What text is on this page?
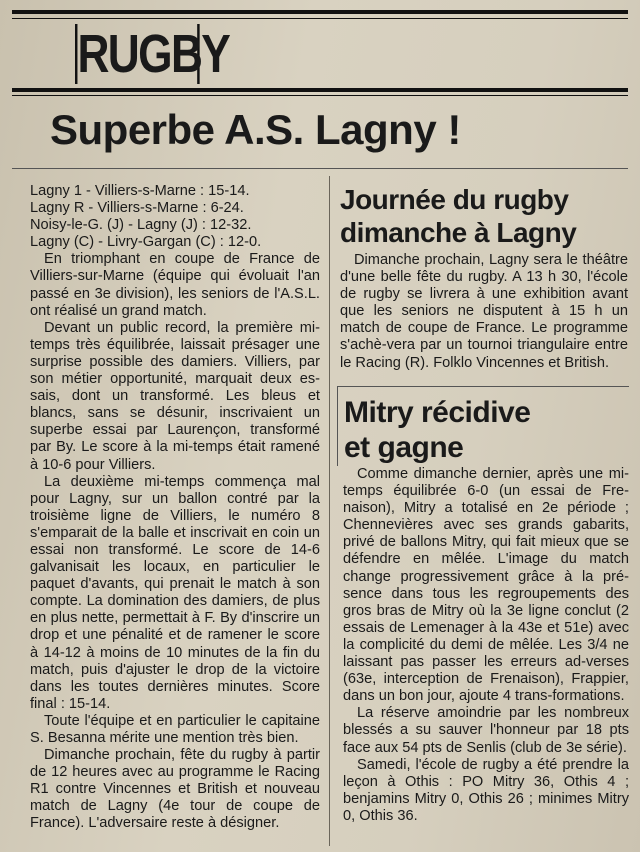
RUGBY
Superbe A.S. Lagny !

Lagny 1 - Villiers-s-Marne : 15-14.

Lagny R - Villiers-s-Marne : 6-24.

Noisy-le-G. (J) - Lagny (J) : 12-32.

Lagny (C) - Livry-Gargan (C) : 12-0.

En triomphant en coupe de France de Villiers-sur-Marne (équipe qui évoluait l'an passé en 3e division), les seniors de l'A.S.L. ont réalisé un grand match.

Devant un public record, la première mi-temps très équilibrée, laissait présager une surprise possible des damiers. Villiers, par son métier opportunité, marquait deux es-sais, dont un transformé. Les bleus et blancs, sans se désunir, inscrivaient un superbe essai par Laurençon, transformé par By. Le score à la mi-temps était ramené à 10-6 pour Villiers.

La deuxième mi-temps commença mal pour Lagny, sur un ballon contré par la troisième ligne de Villiers, le numéro 8 s'emparait de la balle et inscrivait en coin un essai non transformé. Le score de 14-6 galvanisait les locaux, en particulier le paquet d'avants, qui prenait le match à son compte. La domination des damiers, de plus en plus nette, permettait à F. By d'inscrire un drop et une pénalité et de ramener le score à 14-12 à moins de 10 minutes de la fin du match, puis d'ajuster le drop de la victoire dans les toutes dernières minutes. Score final : 15-14.

Toute l'équipe et en particulier le capitaine S. Besanna mérite une mention très bien.

Dimanche prochain, fête du rugby à partir de 12 heures avec au programme le Racing R1 contre Vincennes et British et nouveau match de Lagny (4e tour de coupe de France). L'adversaire reste à désigner.

Journée du rugby
dimanche à Lagny

Dimanche prochain, Lagny sera le théâtre d'une belle fête du rugby. A 13 h 30, l'école de rugby se livrera à une exhibition avant que les seniors ne disputent à 15 h un match de coupe de France. Le programme s'achè-vera par un tournoi triangulaire entre le Racing (R). Folklo Vincennes et British.

Mitry récidive
et gagne

Comme dimanche dernier, après une mi-temps équilibrée 6-0 (un essai de Fre-naison), Mitry a totalisé en 2e période ; Chennevières avec ses grands gabarits, privé de ballons Mitry, qui fait mieux que se défendre en mêlée. L'image du match change progressivement grâce à la pré-sence dans tous les regroupements des gros bras de Mitry où la 3e ligne conclut (2 essais de Lemenager à la 43e et 51e) avec la complicité du demi de mêlée. Les 3/4 ne laissant pas passer les erreurs ad-verses (63e, interception de Frenaison), Frappier, dans un bon jour, ajoute 4 trans-formations.

La réserve amoindrie par les nombreux blessés a su sauver l'honneur par 18 pts face aux 54 pts de Senlis (club de 3e série).

Samedi, l'école de rugby a été prendre la leçon à Othis : PO Mitry 36, Othis 4 ; benjamins Mitry 0, Othis 26 ; minimes Mitry 0, Othis 36.
